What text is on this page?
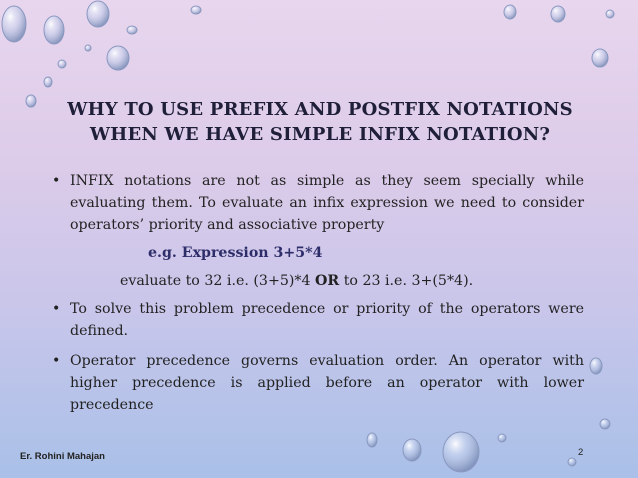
WHY TO USE PREFIX AND POSTFIX NOTATIONS WHEN WE HAVE SIMPLE INFIX NOTATION?
• INFIX notations are not as simple as they seem specially while evaluating them. To evaluate an infix expression we need to consider operators’ priority and associative property
e.g. Expression 3+5*4
evaluate to 32 i.e. (3+5)*4 OR to 23 i.e. 3+(5*4).
• To solve this problem precedence or priority of the operators were defined.
• Operator precedence governs evaluation order. An operator with higher precedence is applied before an operator with lower precedence
Er. Rohini Mahajan	2
